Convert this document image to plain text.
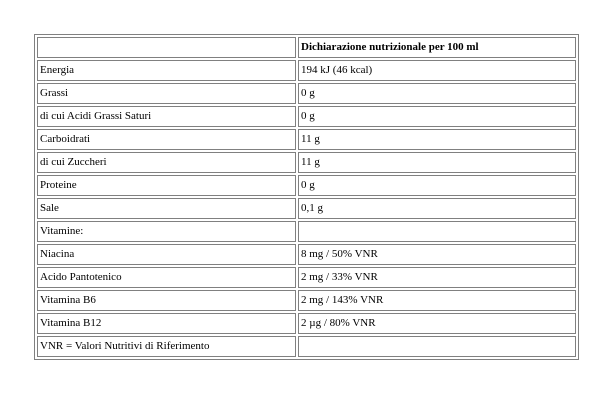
	Dichiarazione nutrizionale per 100 ml
Energia	194 kJ (46 kcal)
Grassi	0 g
di cui Acidi Grassi Saturi	0 g
Carboidrati	11 g
di cui Zuccheri	11 g
Proteine	0 g
Sale	0,1 g
Vitamine:	
Niacina	8 mg / 50% VNR
Acido Pantotenico	2 mg / 33% VNR
Vitamina B6	2 mg / 143% VNR
Vitamina B12	2 µg / 80% VNR
VNR = Valori Nutritivi di Riferimento	
